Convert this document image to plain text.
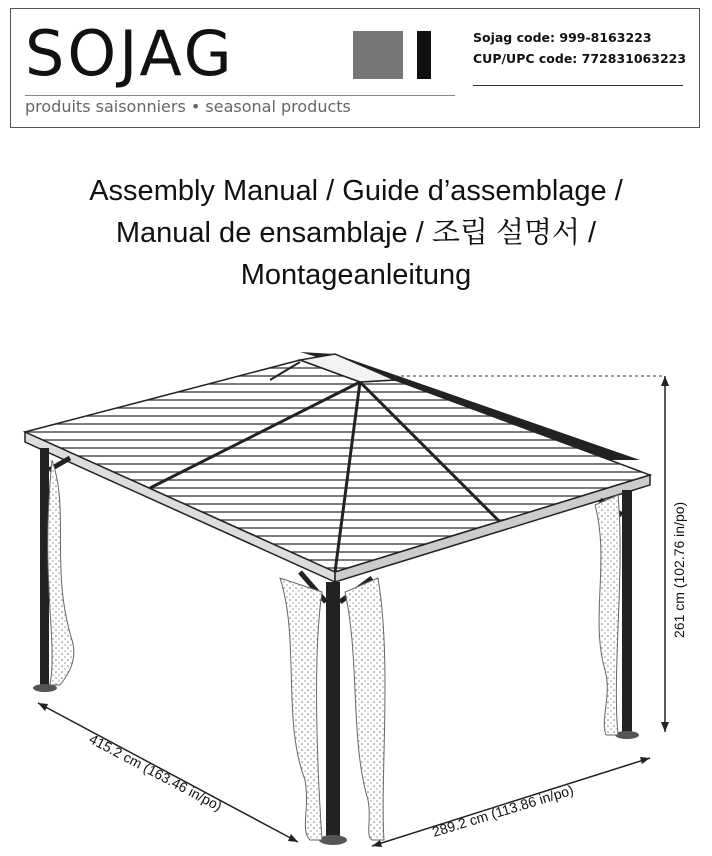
SOJAG
produits saisonniers • seasonal products
Sojag code: 999-8163223
CUP/UPC code: 772831063223
Assembly Manual / Guide d’assemblage /
Manual de ensamblaje / 조립 설명서 /
Montageanleitung
261 cm (102.76 in/po)
415.2 cm (163.46 in/po)	289.2 cm (113.86 in/po)
